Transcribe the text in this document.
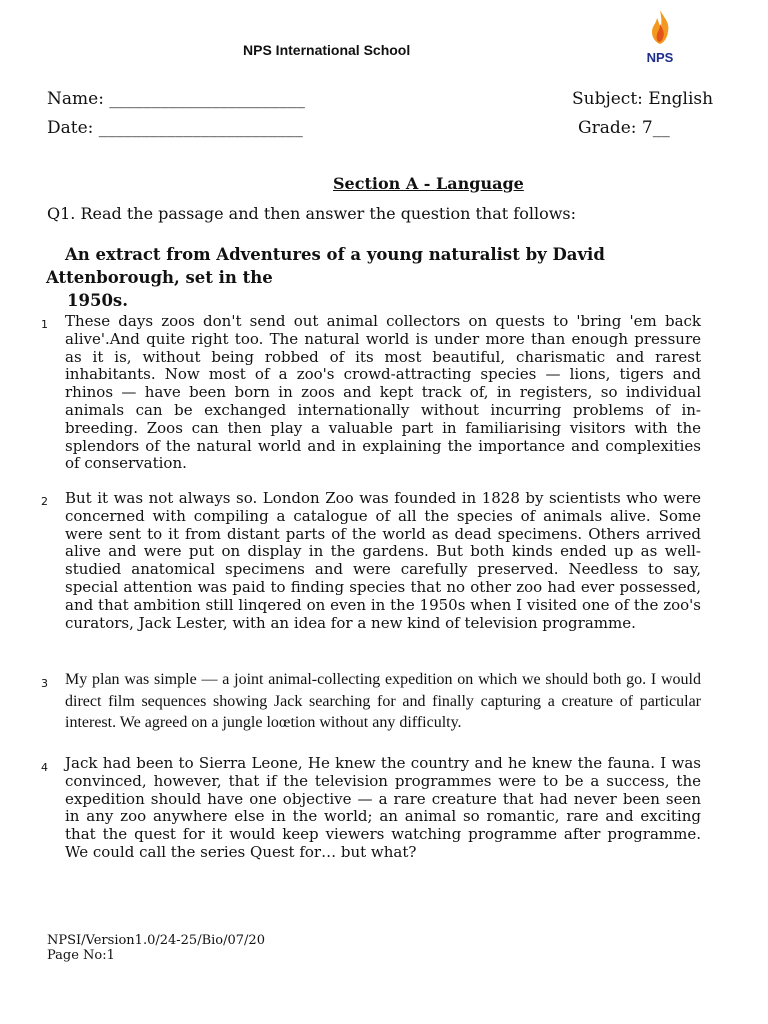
NPS International School	NPS
Name: _______________________
Date: ________________________
Subject: English
Grade: 7__
Section A - Language
Q1. Read the passage and then answer the question that follows:
An extract from Adventures of a young naturalist by David
Attenborough, set in the
1950s.
1 These days zoos don't send out animal collectors on quests to 'bring 'em back alive'.And quite right too. The natural world is under more than enough pressure as it is, without being robbed of its most beautiful, charismatic and rarest inhabitants. Now most of a zoo's crowd-attracting species — lions, tigers and rhinos — have been born in zoos and kept track of, in registers, so individual animals can be exchanged internationally without incurring problems of in-breeding. Zoos can then play a valuable part in familiarising visitors with the splendors of the natural world and in explaining the importance and complexities of conservation.
2 But it was not always so. London Zoo was founded in 1828 by scientists who were concerned with compiling a catalogue of all the species of animals alive. Some were sent to it from distant parts of the world as dead specimens. Others arrived alive and were put on display in the gardens. But both kinds ended up as well-studied anatomical specimens and were carefully preserved. Needless to say, special attention was paid to finding species that no other zoo had ever possessed, and that ambition still linqered on even in the 1950s when I visited one of the zoo's curators, Jack Lester, with an idea for a new kind of television programme.
3 My plan was simple — a joint animal-collecting expedition on which we should both go. I would direct film sequences showing Jack searching for and finally capturing a creature of particular interest. We agreed on a jungle loœtion without any difficulty.
4 Jack had been to Sierra Leone, He knew the country and he knew the fauna. I was convinced, however, that if the television programmes were to be a success, the expedition should have one objective — a rare creature that had never been seen in any zoo anywhere else in the world; an animal so romantic, rare and exciting that the quest for it would keep viewers watching programme after programme. We could call the series Quest for… but what?
NPSI/Version1.0/24-25/Bio/07/20
Page No:1
